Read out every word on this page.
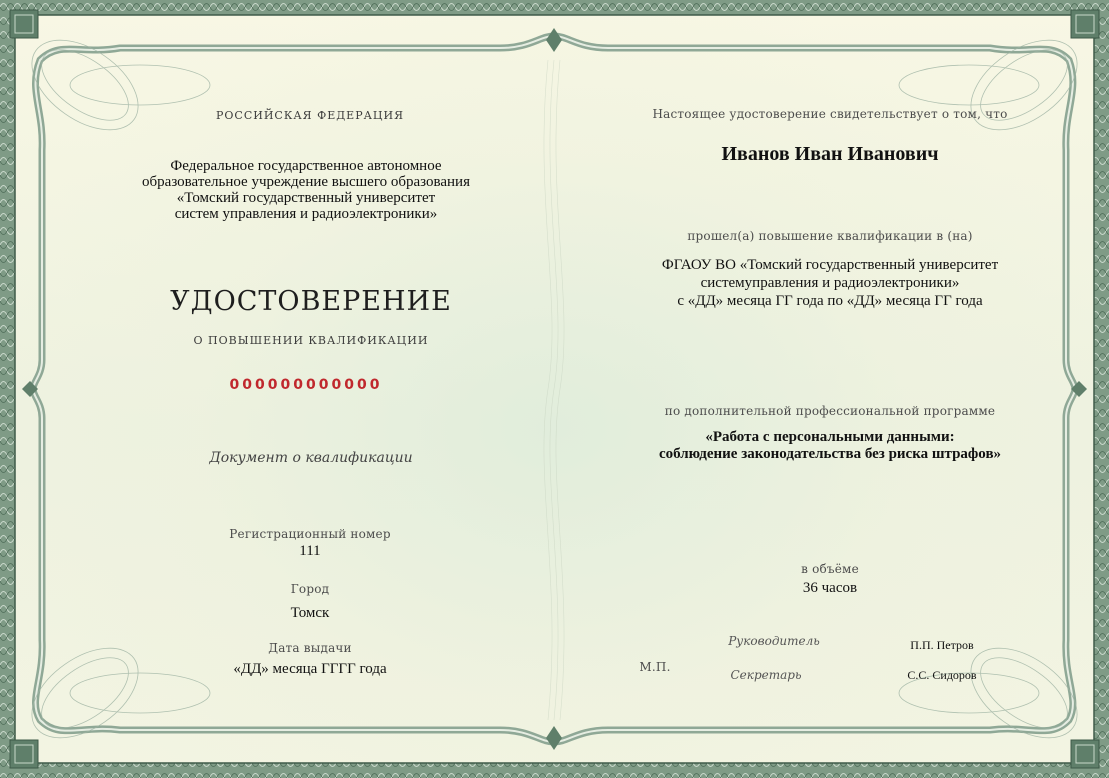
РОССИЙСКАЯ ФЕДЕРАЦИЯ
Федеральное государственное автономное
образовательное учреждение высшего образования
«Томский государственный университет
систем управления и радиоэлектроники»
УДОСТОВЕРЕНИЕ
О ПОВЫШЕНИИ КВАЛИФИКАЦИИ
000000000000
Документ о квалификации
Регистрационный номер
111
Город
Томск
Дата выдачи
«ДД» месяца ГГГГ года
Настоящее удостоверение свидетельствует о том, что
Иванов Иван Иванович
прошел(а) повышение квалификации в (на)
ФГАОУ ВО «Томский государственный университет
системуправления и радиоэлектроники»
с «ДД» месяца ГГ года по «ДД» месяца ГГ года
по дополнительной профессиональной программе
«Работа с персональными данными:
соблюдение законодательства без риска штрафов»
в объёме
36 часов
М.П.
Руководитель	П.П. Петров
Секретарь	С.С. Сидоров
